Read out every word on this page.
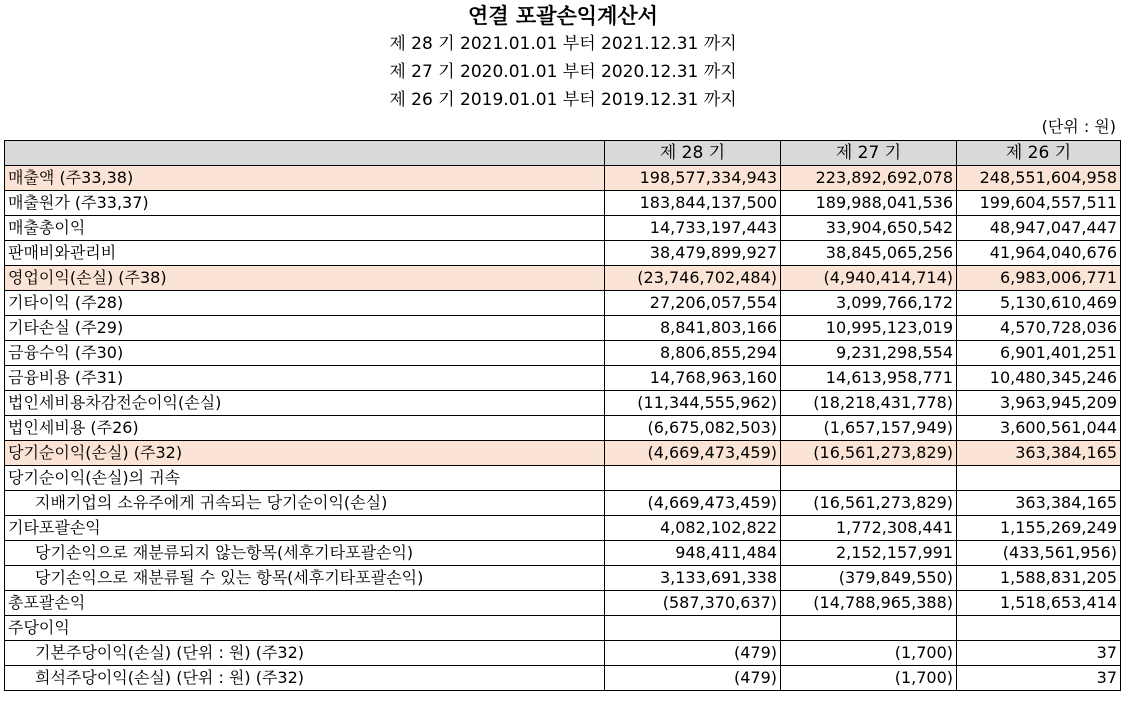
연결 포괄손익계산서
제 28 기 2021.01.01 부터 2021.12.31 까지
제 27 기 2020.01.01 부터 2020.12.31 까지
제 26 기 2019.01.01 부터 2019.12.31 까지
(단위 : 원)
	제 28 기	제 27 기	제 26 기
매출액 (주33,38)	198,577,334,943	223,892,692,078	248,551,604,958
매출원가 (주33,37)	183,844,137,500	189,988,041,536	199,604,557,511
매출총이익	14,733,197,443	33,904,650,542	48,947,047,447
판매비와관리비	38,479,899,927	38,845,065,256	41,964,040,676
영업이익(손실) (주38)	(23,746,702,484)	(4,940,414,714)	6,983,006,771
기타이익 (주28)	27,206,057,554	3,099,766,172	5,130,610,469
기타손실 (주29)	8,841,803,166	10,995,123,019	4,570,728,036
금융수익 (주30)	8,806,855,294	9,231,298,554	6,901,401,251
금융비용 (주31)	14,768,963,160	14,613,958,771	10,480,345,246
법인세비용차감전순이익(손실)	(11,344,555,962)	(18,218,431,778)	3,963,945,209
법인세비용 (주26)	(6,675,082,503)	(1,657,157,949)	3,600,561,044
당기순이익(손실) (주32)	(4,669,473,459)	(16,561,273,829)	363,384,165
당기순이익(손실)의 귀속			
지배기업의 소유주에게 귀속되는 당기순이익(손실)	(4,669,473,459)	(16,561,273,829)	363,384,165
기타포괄손익	4,082,102,822	1,772,308,441	1,155,269,249
당기손익으로 재분류되지 않는항목(세후기타포괄손익)	948,411,484	2,152,157,991	(433,561,956)
당기손익으로 재분류될 수 있는 항목(세후기타포괄손익)	3,133,691,338	(379,849,550)	1,588,831,205
총포괄손익	(587,370,637)	(14,788,965,388)	1,518,653,414
주당이익			
기본주당이익(손실) (단위 : 원) (주32)	(479)	(1,700)	37
희석주당이익(손실) (단위 : 원) (주32)	(479)	(1,700)	37
